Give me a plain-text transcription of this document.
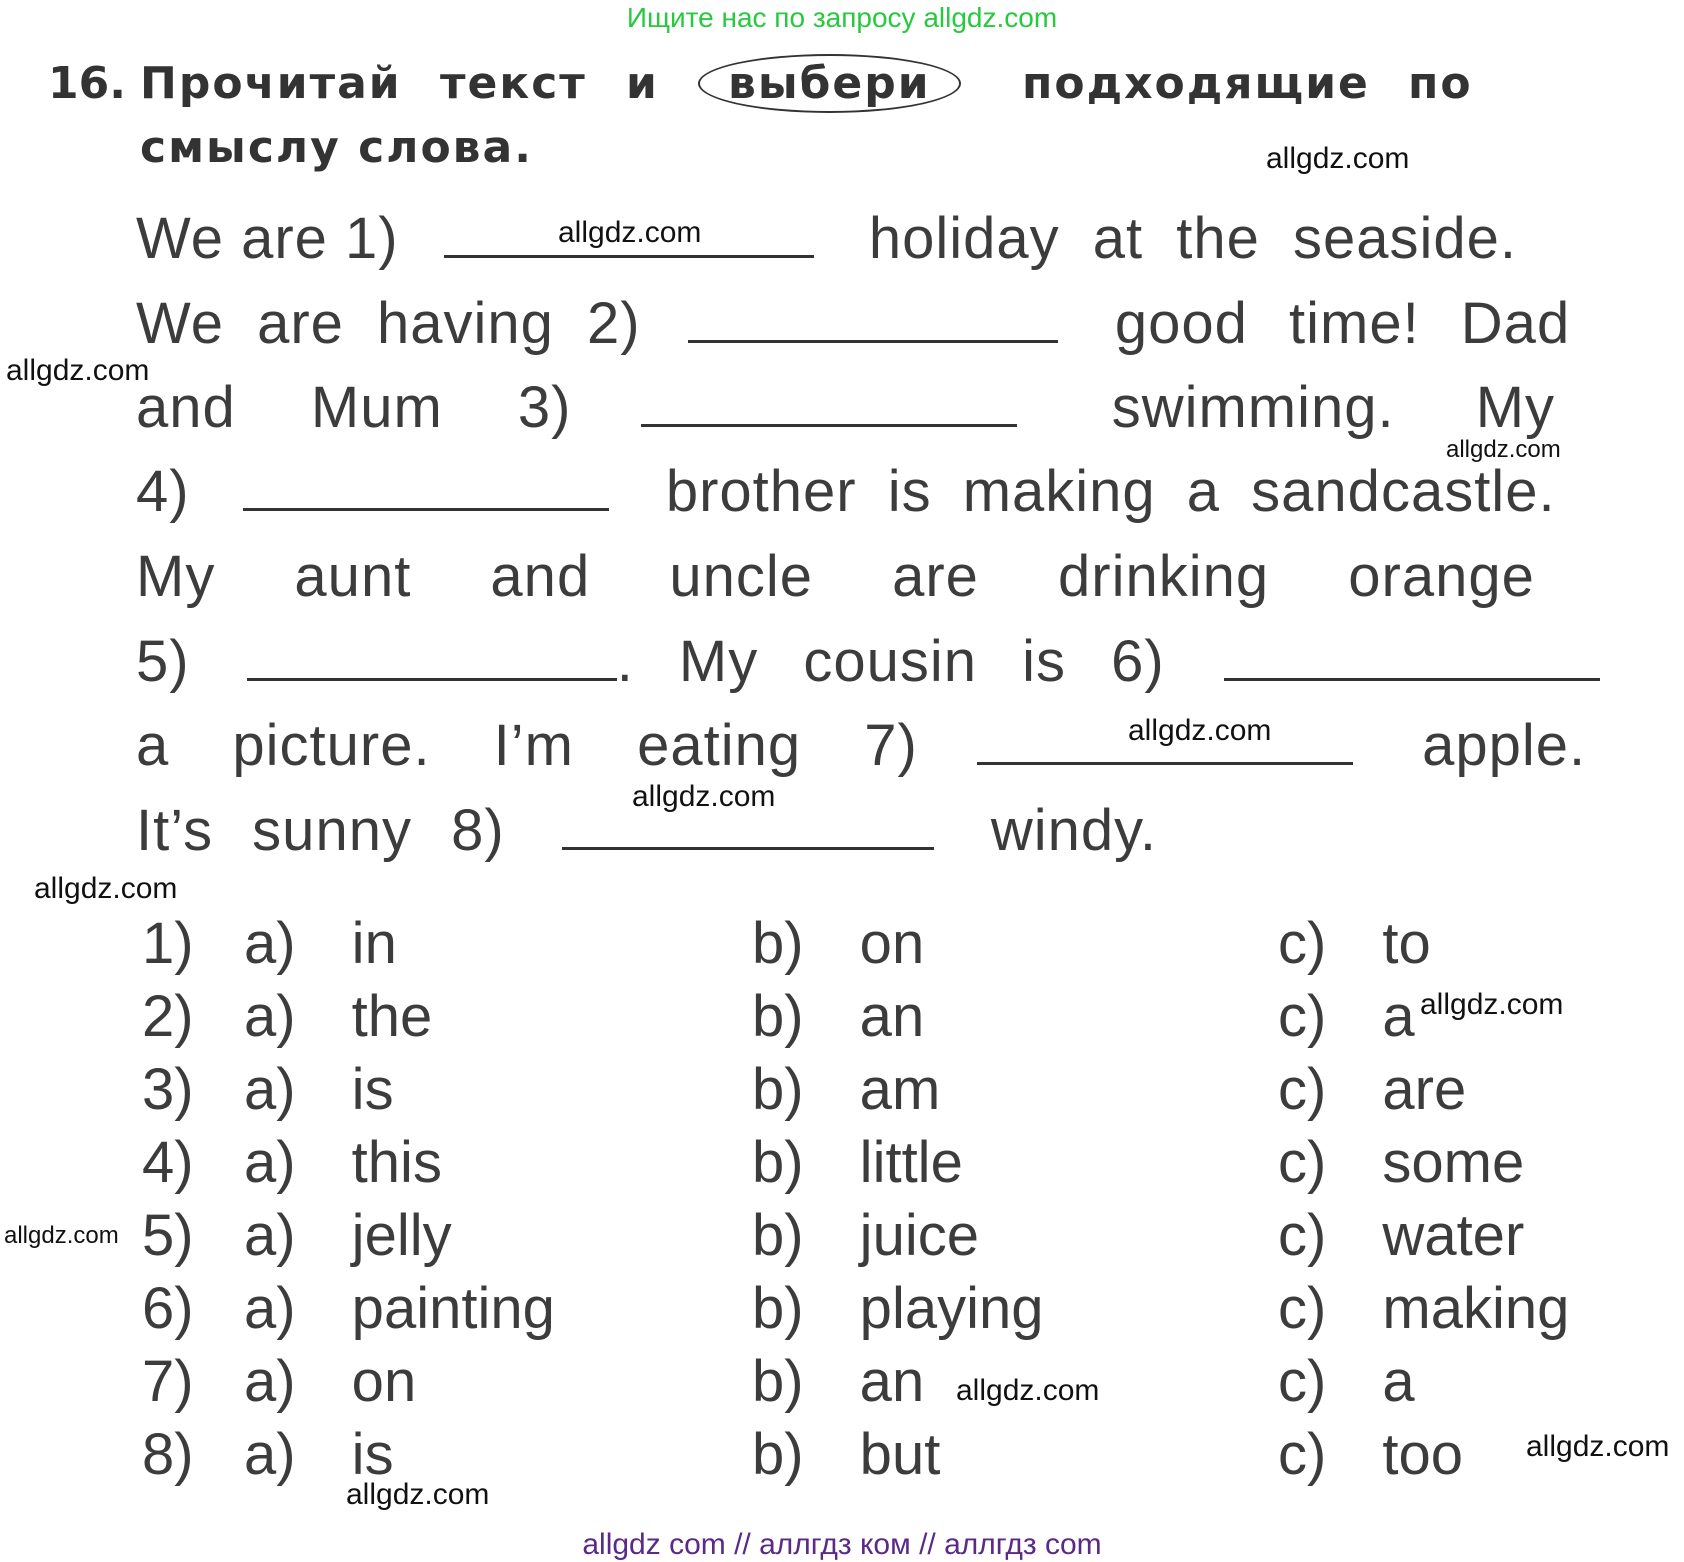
Ищите нас по запросу allgdz.com
16. Прочитай текст и	выбери	подходящие по
смыслу слова.
We are 1)	holiday at the seaside.
We are having 2)	good time! Dad
and Mum 3)	swimming. My
4)	brother is making a sandcastle.
My aunt and uncle are drinking orange
5)	. My cousin is 6)
a picture. I’m eating 7)	apple.
It’s sunny 8)	windy.
1) a) in	b) on	c) to
2) a) the	b) an	c) a
3) a) is	b) am	c) are
4) a) this	b) little	c) some
5) a) jelly	b) juice	c) water
6) a) painting	b) playing	c) making
7) a) on	b) an	c) a
8) a) is	b) but	c) too
allgdz.com
allgdz.com
allgdz.com
allgdz.com
allgdz.com
allgdz.com
allgdz.com
allgdz.com
allgdz.com
allgdz.com
allgdz.com
allgdz.com
allgdz com // аллгдз ком // аллгдз com
